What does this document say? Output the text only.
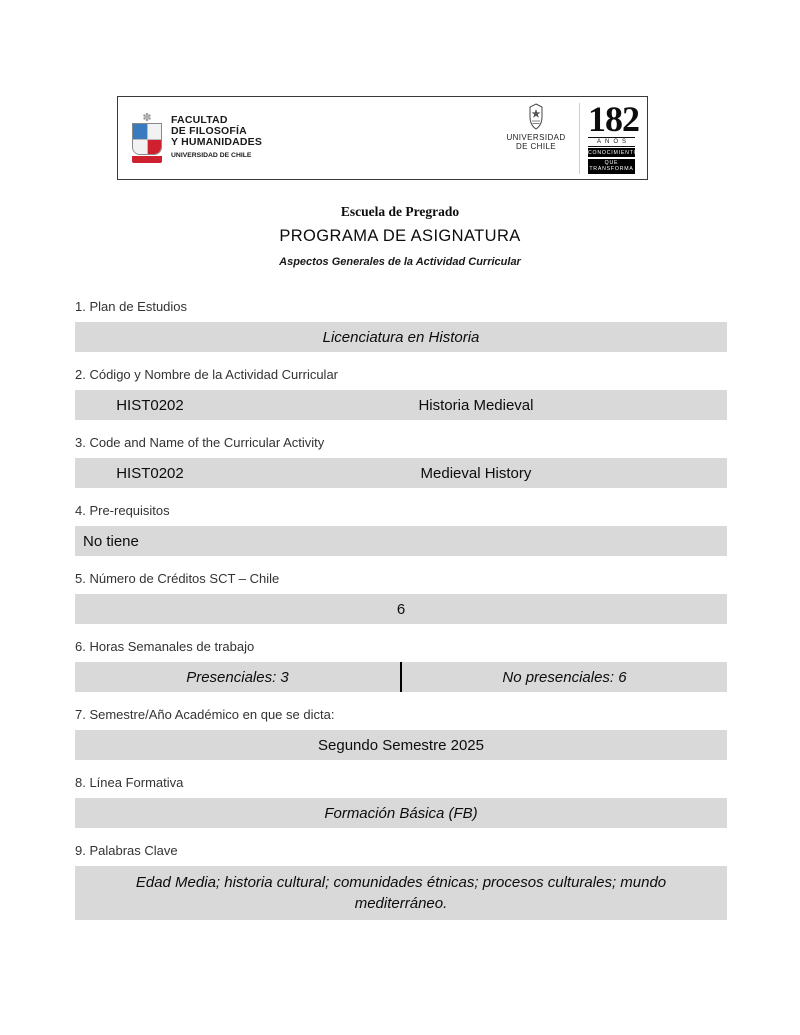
✽ FACULTAD
DE FILOSOFÍA
Y HUMANIDADES
UNIVERSIDAD DE CHILE
UNIVERSIDAD
DE CHILE
182
AÑOS
CONOCIMIENTO
QUE TRANSFORMA
Escuela de Pregrado
PROGRAMA DE ASIGNATURA
Aspectos Generales de la Actividad Curricular
1. Plan de Estudios
Licenciatura en Historia
2. Código y Nombre de la Actividad Curricular
HIST0202	Historia Medieval
3. Code and Name of the Curricular Activity
HIST0202	Medieval History
4. Pre-requisitos
No tiene
5. Número de Créditos SCT – Chile
6
6. Horas Semanales de trabajo
Presenciales: 3	No presenciales: 6
7. Semestre/Año Académico en que se dicta:
Segundo Semestre 2025
8. Línea Formativa
Formación Básica (FB)
9. Palabras Clave
Edad Media; historia cultural; comunidades étnicas; procesos culturales; mundo mediterráneo.
